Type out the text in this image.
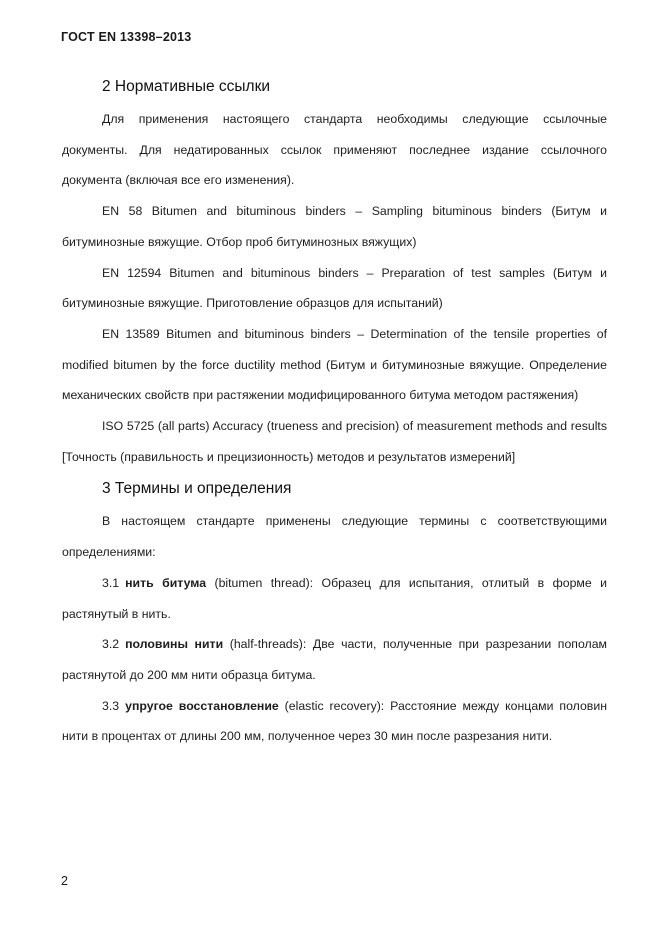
ГОСТ EN 13398–2013
2 Нормативные ссылки

Для применения настоящего стандарта необходимы следующие ссылочные документы. Для недатированных ссылок применяют последнее издание ссылочного документа (включая все его изменения).

EN 58 Bitumen and bituminous binders – Sampling bituminous binders (Битум и битуминозные вяжущие. Отбор проб битуминозных вяжущих)

EN 12594 Bitumen and bituminous binders – Preparation of test samples (Битум и битуминозные вяжущие. Приготовление образцов для испытаний)

EN 13589 Bitumen and bituminous binders – Determination of the tensile properties of modified bitumen by the force ductility method (Битум и битуминозные вяжущие. Определение механических свойств при растяжении модифицированного битума методом растяжения)

ISO 5725 (all parts) Accuracy (trueness and precision) of measurement methods and results [Точность (правильность и прецизионность) методов и результатов измерений]

3 Термины и определения

В настоящем стандарте применены следующие термины с соответствующими определениями:

3.1 нить битума (bitumen thread): Образец для испытания, отлитый в форме и растянутый в нить.

3.2 половины нити (half-threads): Две части, полученные при разрезании пополам растянутой до 200 мм нити образца битума.

3.3 упругое восстановление (elastic recovery): Расстояние между концами половин нити в процентах от длины 200 мм, полученное через 30 мин после разрезания нити.

2
